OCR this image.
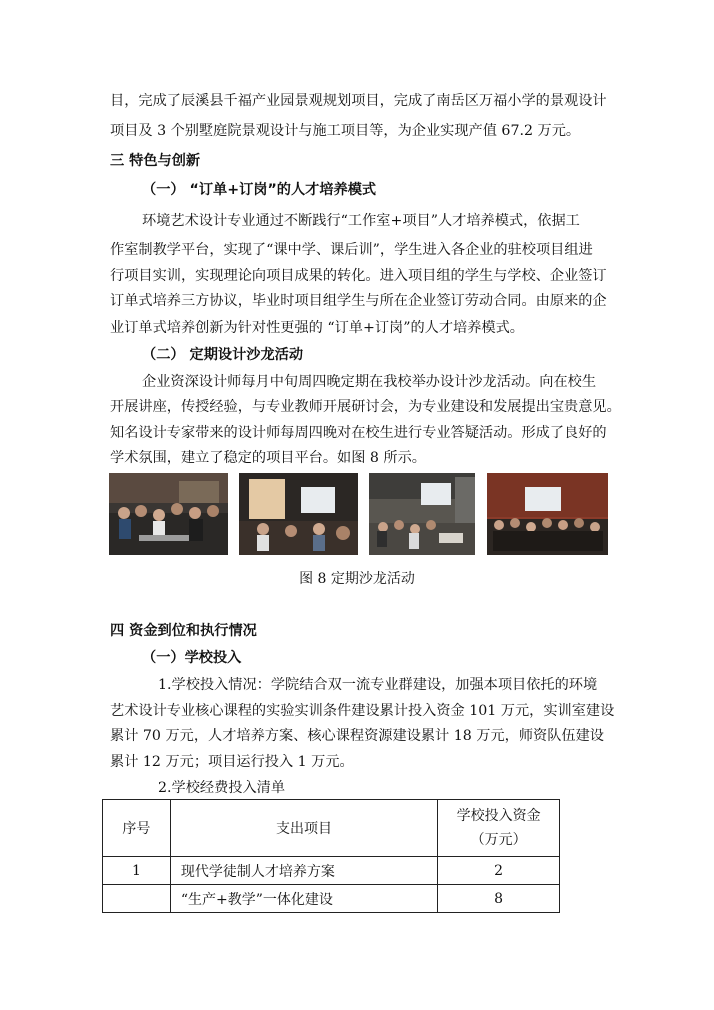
目，完成了辰溪县千福产业园景观规划项目，完成了南岳区万福小学的景观设计
项目及 3 个别墅庭院景观设计与施工项目等，为企业实现产值 67.2 万元。
三 特色与创新
（一） “订单+订岗”的人才培养模式
环境艺术设计专业通过不断践行“工作室+项目”人才培养模式，依据工
作室制教学平台，实现了“课中学、课后训”，学生进入各企业的驻校项目组进
行项目实训，实现理论向项目成果的转化。进入项目组的学生与学校、企业签订
订单式培养三方协议，毕业时项目组学生与所在企业签订劳动合同。由原来的企
业订单式培养创新为针对性更强的 “订单+订岗”的人才培养模式。
（二） 定期设计沙龙活动
企业资深设计师每月中旬周四晚定期在我校举办设计沙龙活动。向在校生
开展讲座，传授经验，与专业教师开展研讨会，为专业建设和发展提出宝贵意见。
知名设计专家带来的设计师每周四晚对在校生进行专业答疑活动。形成了良好的
学术氛围，建立了稳定的项目平台。如图 8 所示。
图 8 定期沙龙活动
四 资金到位和执行情况
（一）学校投入
1.学校投入情况：学院结合双一流专业群建设，加强本项目依托的环境
艺术设计专业核心课程的实验实训条件建设累计投入资金 101 万元，实训室建设
累计 70 万元，人才培养方案、核心课程资源建设累计 18 万元，师资队伍建设
累计 12 万元；项目运行投入 1 万元。
2.学校经费投入清单
序号	支出项目	学校投入资金
（万元）

1	现代学徒制人才培养方案	2
	“生产+教学”一体化建设	8
